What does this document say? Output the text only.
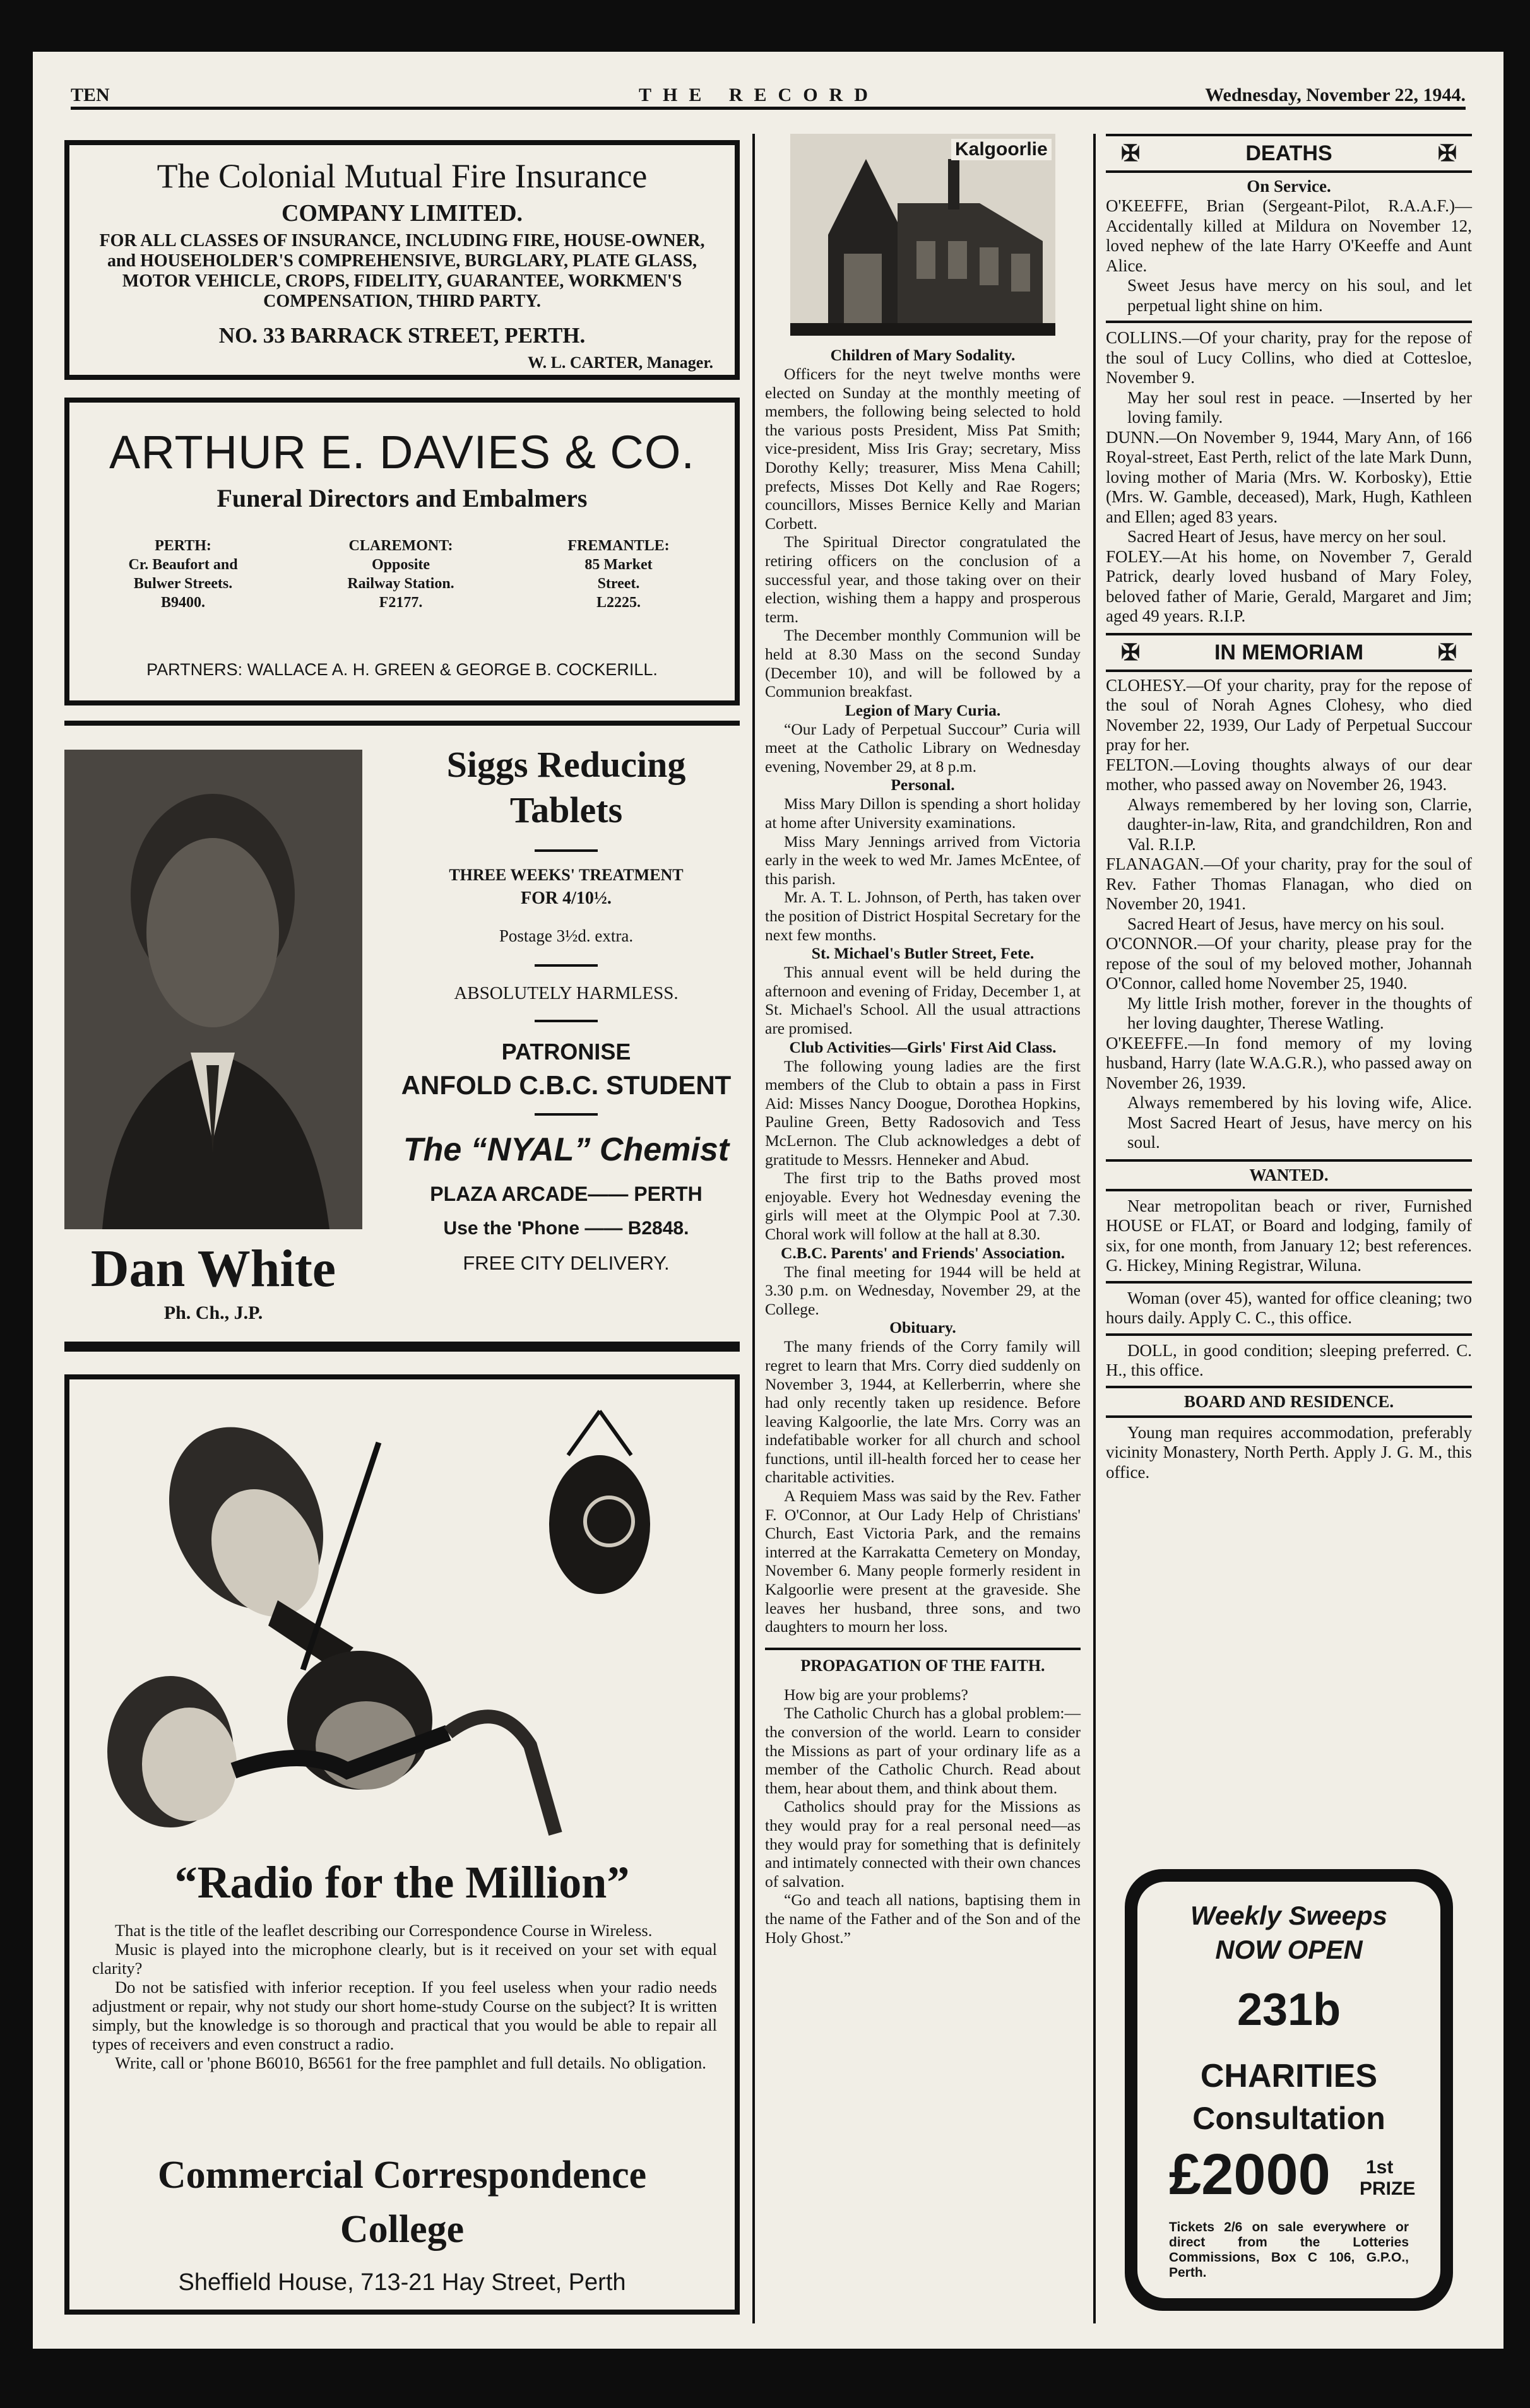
TEN	THE RECORD	Wednesday, November 22, 1944.
The Colonial Mutual Fire Insurance
COMPANY LIMITED.
FOR ALL CLASSES OF INSURANCE, INCLUDING FIRE, HOUSE-OWNER, and HOUSEHOLDER'S COMPREHENSIVE, BURGLARY, PLATE GLASS, MOTOR VEHICLE, CROPS, FIDELITY, GUARANTEE, WORKMEN'S COMPENSATION, THIRD PARTY.
NO. 33 BARRACK STREET, PERTH.
W. L. CARTER, Manager.
ARTHUR E. DAVIES & CO.
Funeral Directors and Embalmers
PERTH:
Cr. Beaufort and
Bulwer Streets.
B9400.
CLAREMONT:
Opposite
Railway Station.
F2177.
FREMANTLE:
85 Market
Street.
L2225.
PARTNERS: WALLACE A. H. GREEN & GEORGE B. COCKERILL.
Dan White
Ph. Ch., J.P.
Siggs Reducing Tablets
THREE WEEKS' TREATMENT
FOR 4/10½.
Postage 3½d. extra.
ABSOLUTELY HARMLESS.
PATRONISE
ANFOLD C.B.C. STUDENT
The “NYAL” Chemist
PLAZA ARCADE—— PERTH
Use the 'Phone —— B2848.
FREE CITY DELIVERY.
“Radio for the Million”

That is the title of the leaflet describing our Correspondence Course in Wireless.

Music is played into the microphone clearly, but is it received on your set with equal clarity?

Do not be satisfied with inferior reception. If you feel useless when your radio needs adjustment or repair, why not study our short home-study Course on the subject? It is written simply, but the knowledge is so thorough and practical that you would be able to repair all types of receivers and even construct a radio.

Write, call or 'phone B6010, B6561 for the free pamphlet and full details. No obligation.

Commercial Correspondence
College
Sheffield House, 713-21 Hay Street, Perth
Kalgoorlie
Children of Mary Sodality.

Officers for the neyt twelve months were elected on Sunday at the monthly meeting of members, the following being selected to hold the various posts President, Miss Pat Smith; vice-president, Miss Iris Gray; secretary, Miss Dorothy Kelly; treasurer, Miss Mena Cahill; prefects, Misses Dot Kelly and Rae Rogers; councillors, Misses Bernice Kelly and Marian Corbett.

The Spiritual Director congratulated the retiring officers on the conclusion of a successful year, and those taking over on their election, wishing them a happy and prosperous term.

The December monthly Communion will be held at 8.30 Mass on the second Sunday (December 10), and will be followed by a Communion breakfast.

Legion of Mary Curia.

“Our Lady of Perpetual Succour” Curia will meet at the Catholic Library on Wednesday evening, November 29, at 8 p.m.

Personal.

Miss Mary Dillon is spending a short holiday at home after University examinations.

Miss Mary Jennings arrived from Victoria early in the week to wed Mr. James McEntee, of this parish.

Mr. A. T. L. Johnson, of Perth, has taken over the position of District Hospital Secretary for the next few months.

St. Michael's Butler Street, Fete.

This annual event will be held during the afternoon and evening of Friday, December 1, at St. Michael's School. All the usual attractions are promised.

Club Activities—Girls' First Aid Class.

The following young ladies are the first members of the Club to obtain a pass in First Aid: Misses Nancy Doogue, Dorothea Hopkins, Pauline Green, Betty Radosovich and Tess McLernon. The Club acknowledges a debt of gratitude to Messrs. Henneker and Abud.

The first trip to the Baths proved most enjoyable. Every hot Wednesday evening the girls will meet at the Olympic Pool at 7.30. Choral work will follow at the hall at 8.30.

C.B.C. Parents' and Friends' Association.

The final meeting for 1944 will be held at 3.30 p.m. on Wednesday, November 29, at the College.

Obituary.

The many friends of the Corry family will regret to learn that Mrs. Corry died suddenly on November 3, 1944, at Kellerberrin, where she had only recently taken up residence. Before leaving Kalgoorlie, the late Mrs. Corry was an indefatibable worker for all church and school functions, until ill-health forced her to cease her charitable activities.

A Requiem Mass was said by the Rev. Father F. O'Connor, at Our Lady Help of Christians' Church, East Victoria Park, and the remains interred at the Karrakatta Cemetery on Monday, November 6. Many people formerly resident in Kalgoorlie were present at the graveside. She leaves her husband, three sons, and two daughters to mourn her loss.

PROPAGATION OF THE FAITH.

How big are your problems?

The Catholic Church has a global problem:—the conversion of the world. Learn to consider the Missions as part of your ordinary life as a member of the Catholic Church. Read about them, hear about them, and think about them.

Catholics should pray for the Missions as they would pray for a real personal need—as they would pray for something that is definitely and intimately connected with their own chances of salvation.

“Go and teach all nations, baptising them in the name of the Father and of the Son and of the Holy Ghost.”

✠	DEATHS	✠
On Service.
O'KEEFFE, Brian (Sergeant-Pilot, R.A.A.F.)—Accidentally killed at Mildura on November 12, loved nephew of the late Harry O'Keeffe and Aunt Alice.
Sweet Jesus have mercy on his soul, and let perpetual light shine on him.
COLLINS.—Of your charity, pray for the repose of the soul of Lucy Collins, who died at Cottesloe, November 9.
May her soul rest in peace. —Inserted by her loving family.
DUNN.—On November 9, 1944, Mary Ann, of 166 Royal-street, East Perth, relict of the late Mark Dunn, loving mother of Maria (Mrs. W. Korbosky), Ettie (Mrs. W. Gamble, deceased), Mark, Hugh, Kathleen and Ellen; aged 83 years.
Sacred Heart of Jesus, have mercy on her soul.
FOLEY.—At his home, on November 7, Gerald Patrick, dearly loved husband of Mary Foley, beloved father of Marie, Gerald, Margaret and Jim; aged 49 years. R.I.P.
✠	IN MEMORIAM	✠
CLOHESY.—Of your charity, pray for the repose of the soul of Norah Agnes Clohesy, who died November 22, 1939, Our Lady of Perpetual Succour pray for her.
FELTON.—Loving thoughts always of our dear mother, who passed away on November 26, 1943.
Always remembered by her loving son, Clarrie, daughter-in-law, Rita, and grandchildren, Ron and Val. R.I.P.
FLANAGAN.—Of your charity, pray for the soul of Rev. Father Thomas Flanagan, who died on November 20, 1941.
Sacred Heart of Jesus, have mercy on his soul.
O'CONNOR.—Of your charity, please pray for the repose of the soul of my beloved mother, Johannah O'Connor, called home November 25, 1940.
My little Irish mother, forever in the thoughts of her loving daughter, Therese Watling.
O'KEEFFE.—In fond memory of my loving husband, Harry (late W.A.G.R.), who passed away on November 26, 1939.
Always remembered by his loving wife, Alice. Most Sacred Heart of Jesus, have mercy on his soul.
WANTED.

Near metropolitan beach or river, Furnished HOUSE or FLAT, or Board and lodging, family of six, for one month, from January 12; best references. G. Hickey, Mining Registrar, Wiluna.

Woman (over 45), wanted for office cleaning; two hours daily. Apply C. C., this office.

DOLL, in good condition; sleeping preferred. C. H., this office.

BOARD AND RESIDENCE.

Young man requires accommodation, preferably vicinity Monastery, North Perth. Apply J. G. M., this office.

Weekly Sweeps
NOW OPEN
231b
CHARITIES
Consultation
£2000 1st
PRIZE
Tickets 2/6 on sale everywhere or direct from the Lotteries Commissions, Box C 106, G.P.O., Perth.
